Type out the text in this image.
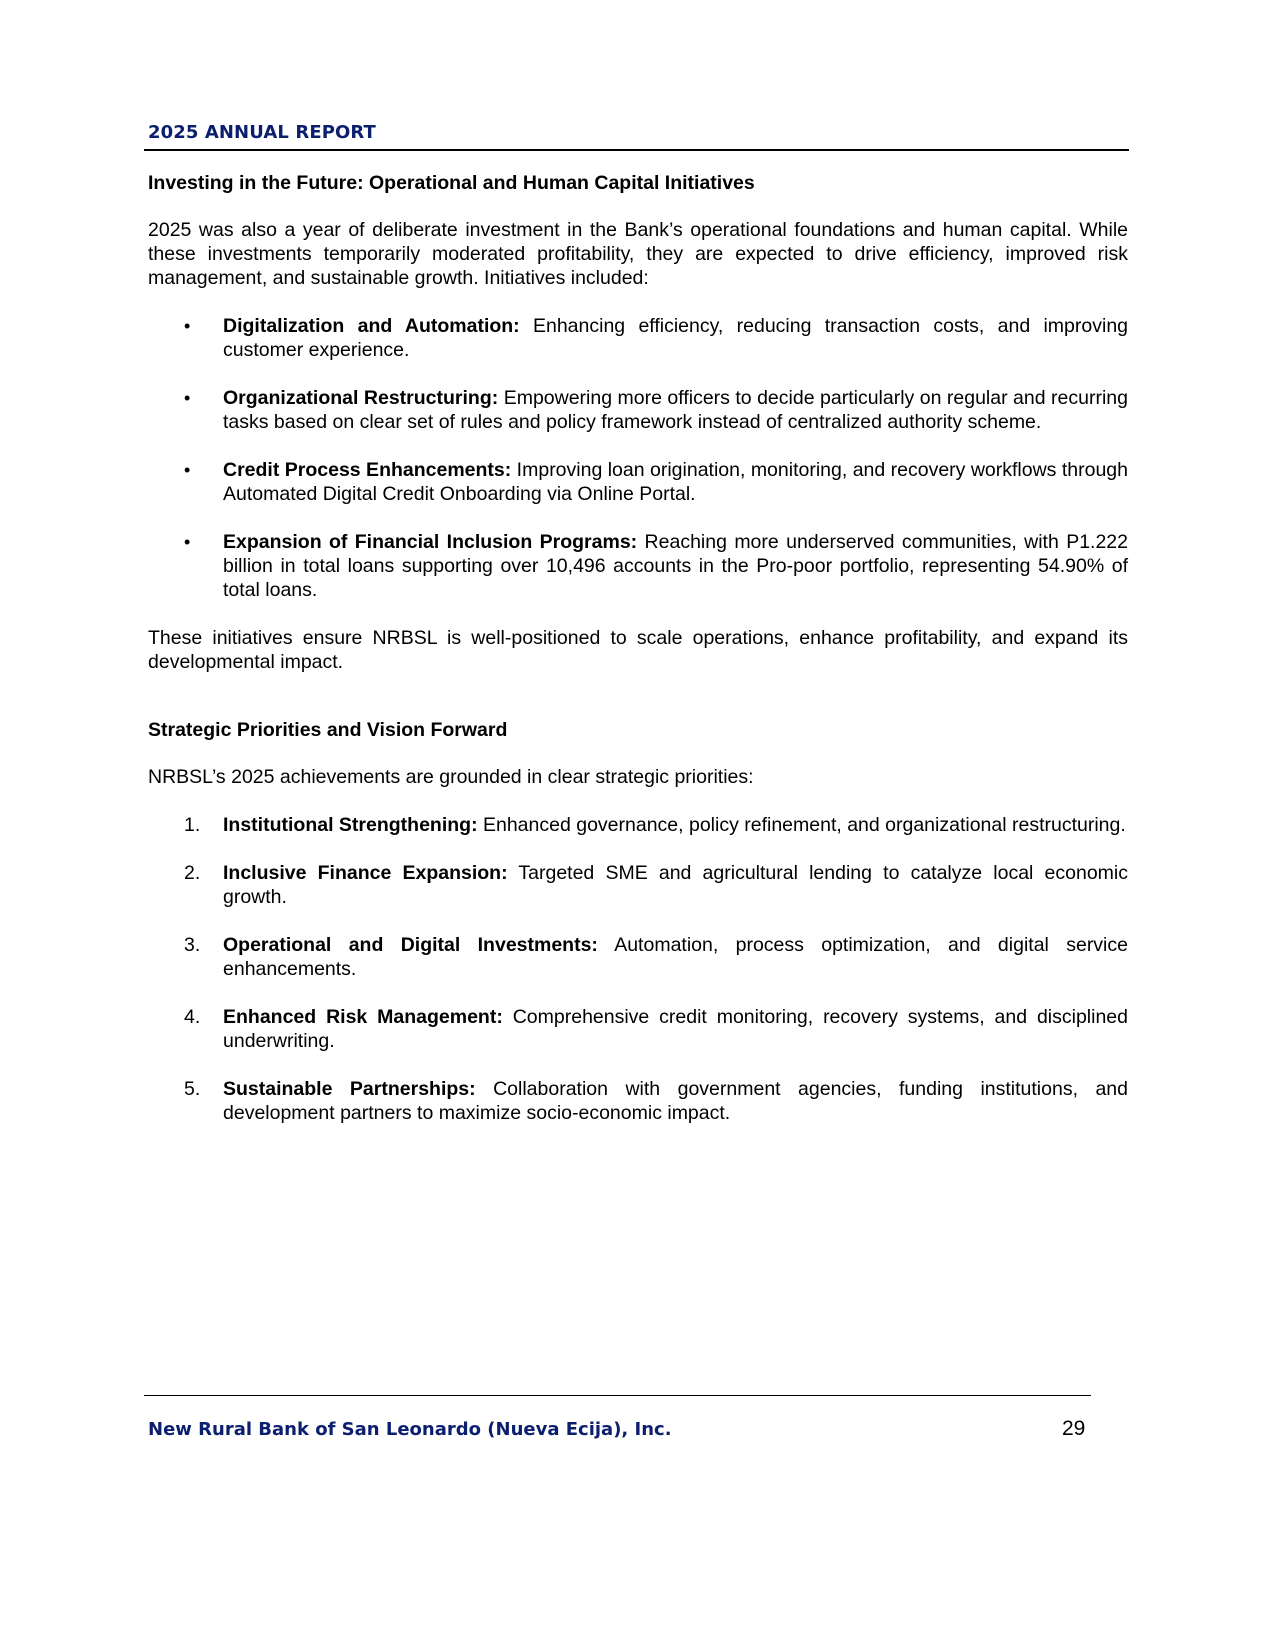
2025 ANNUAL REPORT
Investing in the Future: Operational and Human Capital Initiatives

2025 was also a year of deliberate investment in the Bank’s operational foundations and human capital. While these investments temporarily moderated profitability, they are expected to drive efficiency, improved risk management, and sustainable growth. Initiatives included:

• Digitalization and Automation: Enhancing efficiency, reducing transaction costs, and improving customer experience.
• Organizational Restructuring: Empowering more officers to decide particularly on regular and recurring tasks based on clear set of rules and policy framework instead of centralized authority scheme.
• Credit Process Enhancements: Improving loan origination, monitoring, and recovery workflows through Automated Digital Credit Onboarding via Online Portal.
• Expansion of Financial Inclusion Programs: Reaching more underserved communities, with P1.222 billion in total loans supporting over 10,496 accounts in the Pro-poor portfolio, representing 54.90% of total loans.

These initiatives ensure NRBSL is well-positioned to scale operations, enhance profitability, and expand its developmental impact.

Strategic Priorities and Vision Forward

NRBSL’s 2025 achievements are grounded in clear strategic priorities:

1. Institutional Strengthening: Enhanced governance, policy refinement, and organizational restructuring.
2. Inclusive Finance Expansion: Targeted SME and agricultural lending to catalyze local economic growth.
3. Operational and Digital Investments: Automation, process optimization, and digital service enhancements.
4. Enhanced Risk Management: Comprehensive credit monitoring, recovery systems, and disciplined underwriting.
5. Sustainable Partnerships: Collaboration with government agencies, funding institutions, and development partners to maximize socio-economic impact.
New Rural Bank of San Leonardo (Nueva Ecija), Inc.	29
